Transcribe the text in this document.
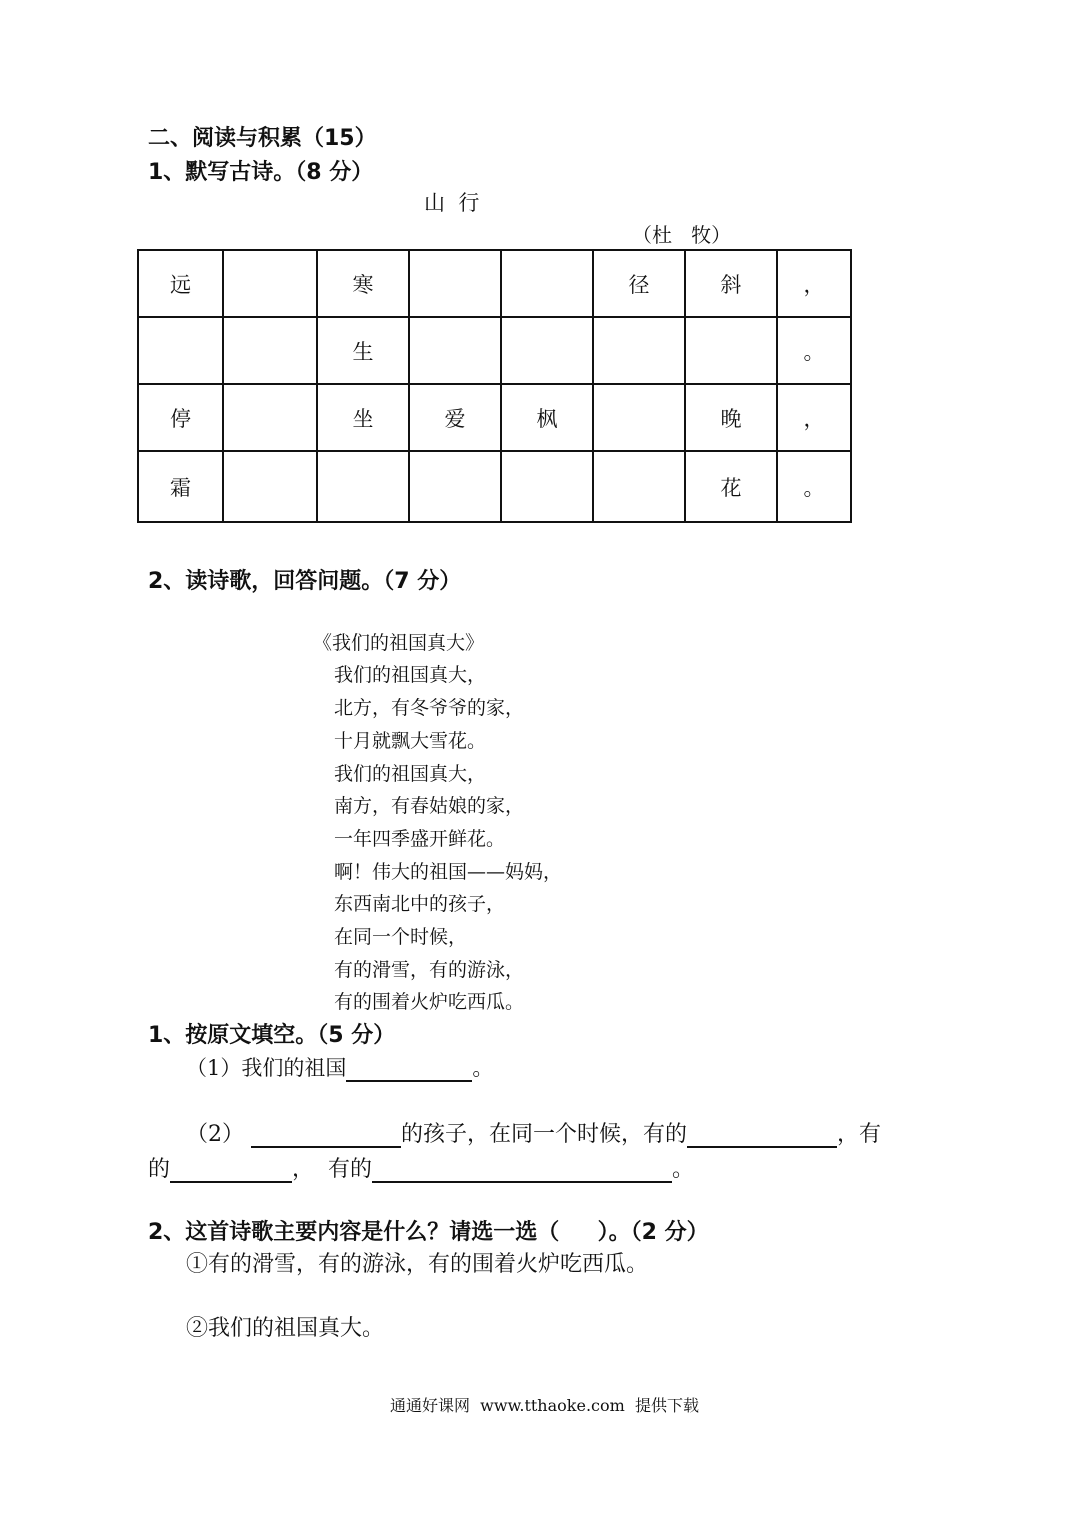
二、阅读与积累（15）
1、默写古诗。（8 分）
山  行
（杜   牧）
远		寒			径	斜	，
		生					。
停		坐	爱	枫		晚	，
霜						花	。
2、读诗歌，回答问题。（7 分）
《我们的祖国真大》
我们的祖国真大，
北方，有冬爷爷的家，
十月就飘大雪花。
我们的祖国真大，
南方，有春姑娘的家，
一年四季盛开鲜花。
啊！伟大的祖国——妈妈，
东西南北中的孩子，
在同一个时候，
有的滑雪，有的游泳，
有的围着火炉吃西瓜。
1、按原文填空。（5 分）
（1）我们的祖国	。
（2）	的孩子，在同一个时候，有的	，有
的	，  有的	。
2、这首诗歌主要内容是什么？请选一选（     ）。（2 分）
①有的滑雪，有的游泳，有的围着火炉吃西瓜。
②我们的祖国真大。
通通好课网  www.tthaoke.com  提供下载
